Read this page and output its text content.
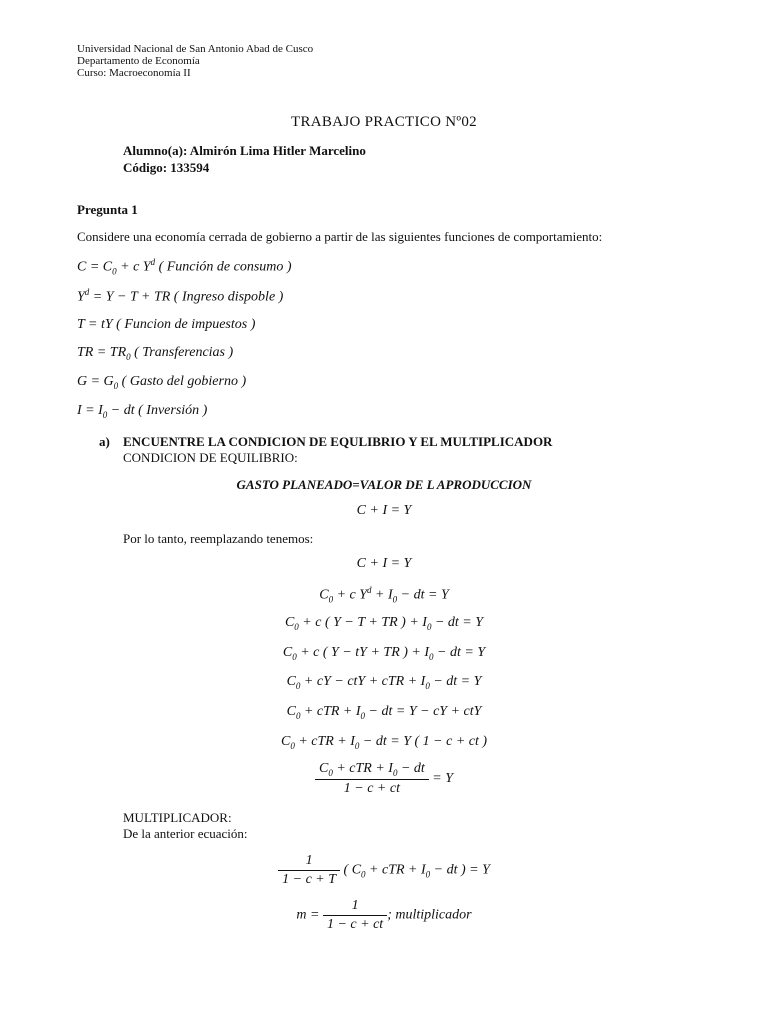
Universidad Nacional de San Antonio Abad de Cusco
Departamento de Economía
Curso: Macroeconomía II
TRABAJO PRACTICO Nº02
Alumno(a): Almirón Lima Hitler Marcelino
Código: 133594
Pregunta 1
Considere una economía cerrada de gobierno a partir de las siguientes funciones de comportamiento:
$C = C_0 + c$ $Y^d$ ( Función de consumo )
$Y^d = Y - T$ + TR ( Ingreso dispoble )
T = tY ( Funcion de impuestos )
TR = $TR_0$ ( Transferencias )
$G = G_0$ ( Gasto del gobierno )
$I = I_0$ − dt ( Inversión )
a) ENCUENTRE LA CONDICION DE EQULIBRIO Y EL MULTIPLICADOR
CONDICION DE EQUILIBRIO:
GASTO PLANEADO=VALOR DE L APRODUCCION
C + I = Y
Por lo tanto, reemplazando tenemos:
C + I = Y
$C_0 + c$ $Y^d + I_0$ − dt = Y
$C_0 + c$ ( Y − T + TR ) + $I_0$ − dt = Y
$C_0 + c$ ( Y − tY + TR ) + $I_0$ − dt = Y
$C_0$ + cY − ctY + cTR + $I_0$ − dt = Y
$C_0$ + cTR + $I_0$ − dt = Y − cY + ctY
$C_0$ + cTR + $I_0$ − dt = Y ( 1 − c + ct )
$\frac{C_0 + cTR + I_0 - dt}{1 - c + ct} = Y$
MULTIPLICADOR:
De la anterior ecuación:
$\frac{1}{1 - c + T}$ ( $C_0$ + cTR + $I_0$ − dt ) = Y
$m = \frac{1}{1 - c + ct}$ ; multiplicador
